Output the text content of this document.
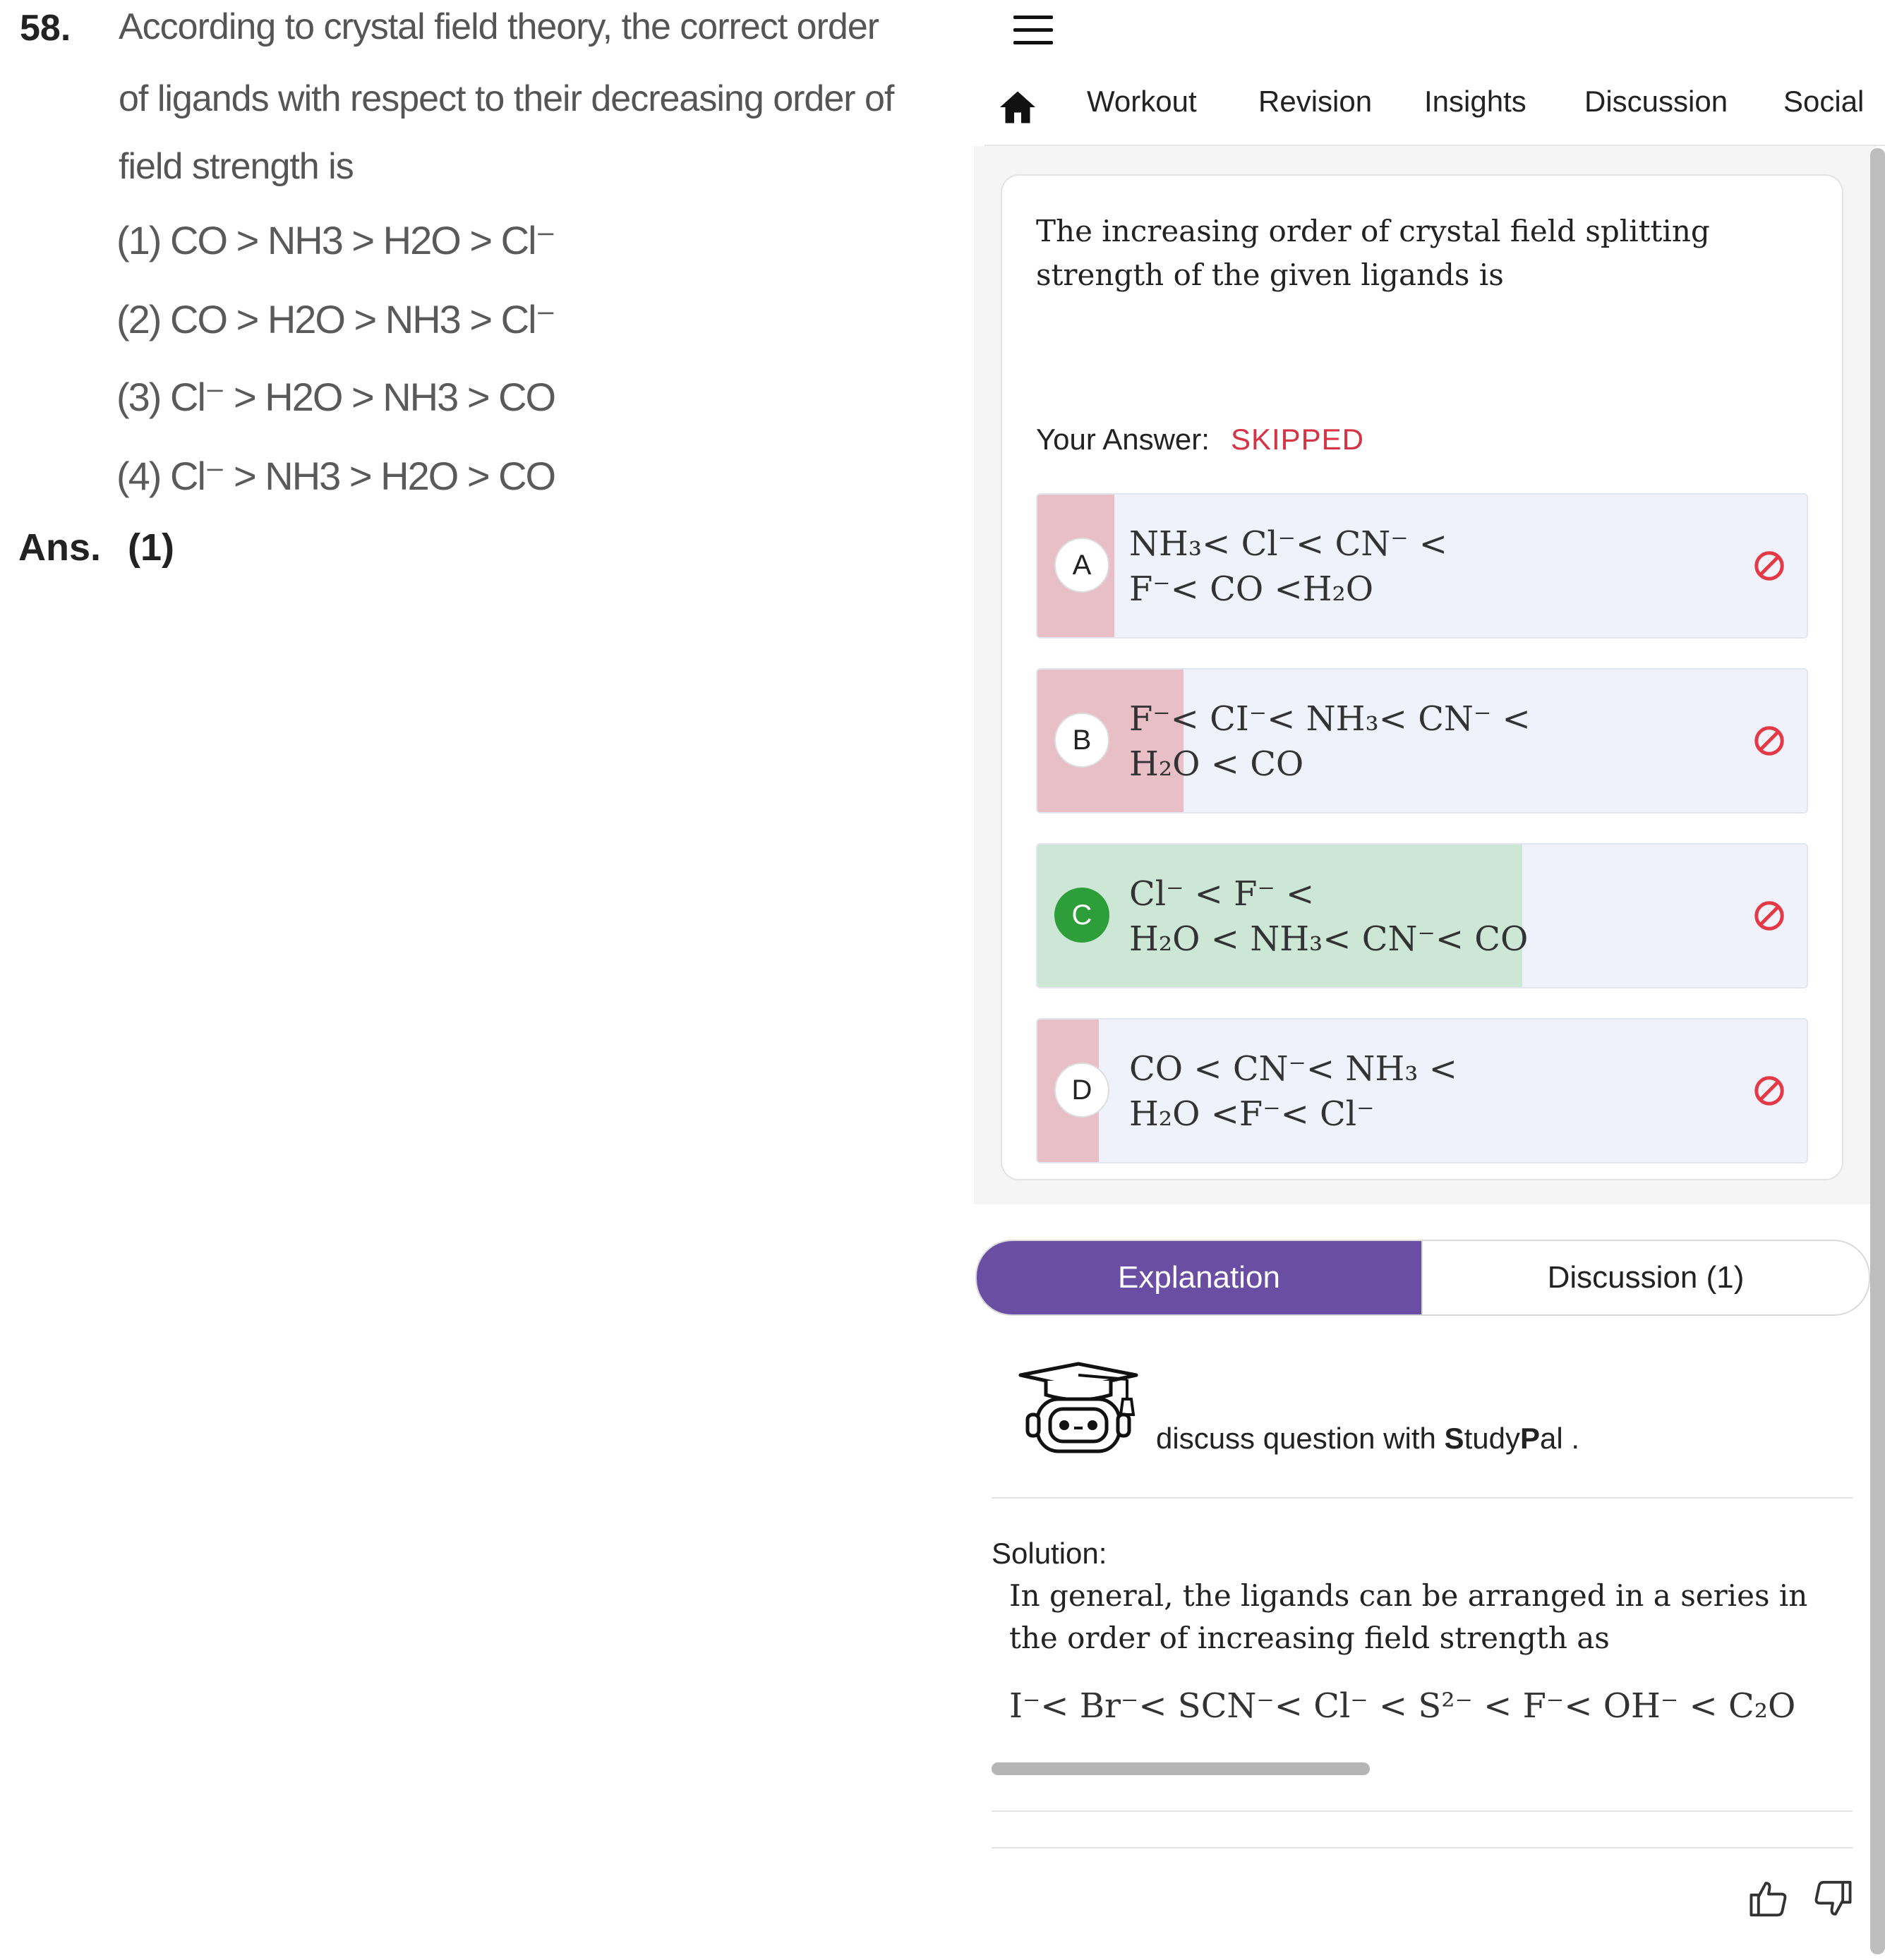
58. According to crystal field theory, the correct order
of ligands with respect to their decreasing order of
field strength is
(1) CO > NH3 > H2O > Cl⁻
(2) CO > H2O > NH3 > Cl⁻
(3) Cl⁻ > H2O > NH3 > CO
(4) Cl⁻ > NH3 > H2O > CO
Ans. (1)
Workout Revision Insights Discussion Social
The increasing order of crystal field splitting strength of the given ligands is
Your Answer: SKIPPED
A
NH₃< Cl⁻< CN⁻ <
F⁻< CO <H₂O
B
F⁻< CI⁻< NH₃< CN⁻ <
H₂O < CO
C
Cl⁻ < F⁻ <
H₂O < NH₃< CN⁻< CO
D
CO < CN⁻< NH₃ <
H₂O <F⁻< Cl⁻
Explanation	Discussion (1)
discuss question with StudyPal .
Solution:
In general, the ligands can be arranged in a series in the order of increasing field strength as
I⁻< Br⁻< SCN⁻< Cl⁻ < S²⁻ < F⁻< OH⁻ < C₂O
